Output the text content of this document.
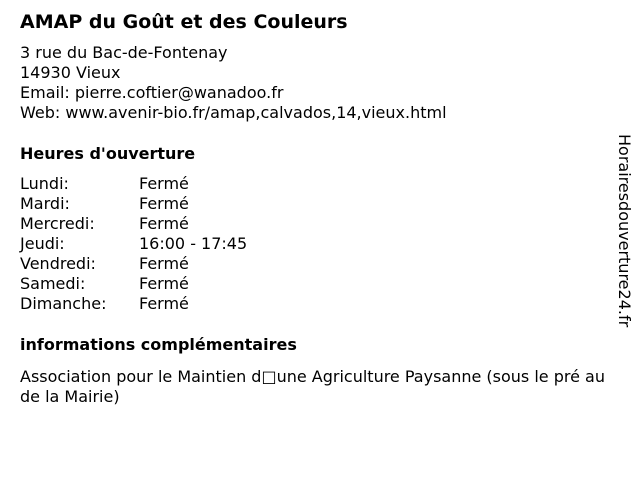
AMAP du Goût et des Couleurs
3 rue du Bac-de-Fontenay
14930 Vieux
Email: pierre.coftier@wanadoo.fr
Web: www.avenir-bio.fr/amap,calvados,14,vieux.html
Heures d'ouverture
Lundi:	Fermé
Mardi:	Fermé
Mercredi:	Fermé
Jeudi:	16:00 - 17:45
Vendredi:	Fermé
Samedi:	Fermé
Dimanche:	Fermé
informations complémentaires
Association pour le Maintien d□une Agriculture Paysanne (sous le pré au de la Mairie)
Horairesdouverture24.fr
